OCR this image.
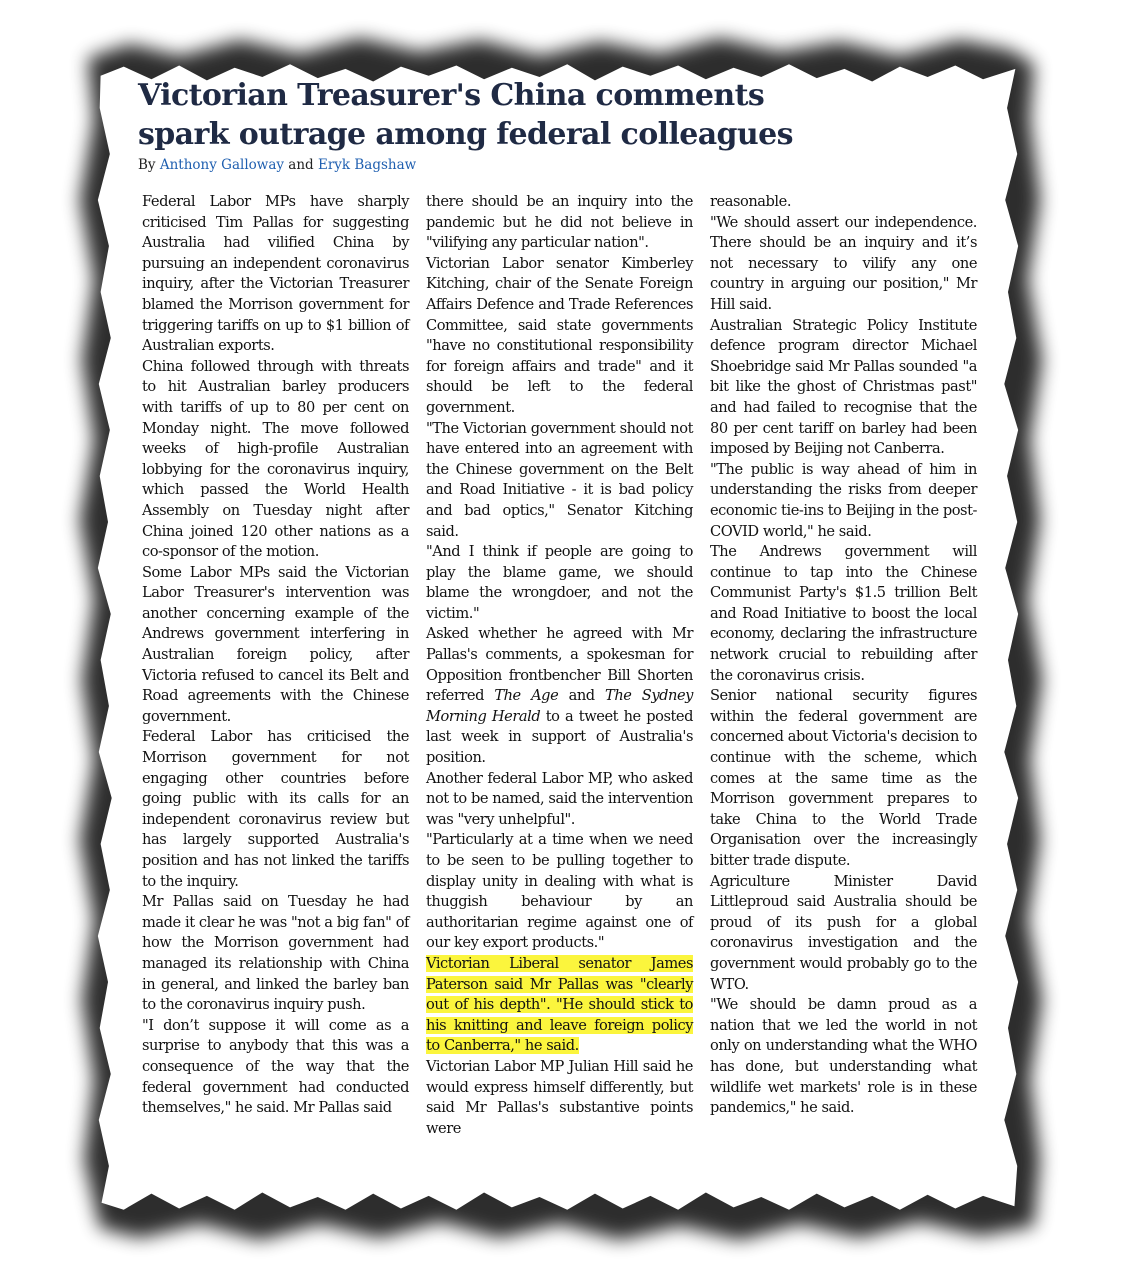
Victorian Treasurer's China comments
spark outrage among federal colleagues

By Anthony Galloway and Eryk Bagshaw

Federal Labor MPs have sharply criticised Tim Pallas for suggesting Australia had vilified China by pursuing an independent coronavirus inquiry, after the Victorian Treasurer blamed the Morrison government for triggering tariffs on up to $1 billion of Australian exports.

China followed through with threats to hit Australian barley producers with tariffs of up to 80 per cent on Monday night. The move followed weeks of high-profile Australian lobbying for the coronavirus inquiry, which passed the World Health Assembly on Tuesday night after China joined 120 other nations as a co-sponsor of the motion.

Some Labor MPs said the Victorian Labor Treasurer's intervention was another concerning example of the Andrews government interfering in Australian foreign policy, after Victoria refused to cancel its Belt and Road agreements with the Chinese government.

Federal Labor has criticised the Morrison government for not engaging other countries before going public with its calls for an independent coronavirus review but has largely supported Australia's position and has not linked the tariffs to the inquiry.

Mr Pallas said on Tuesday he had made it clear he was "not a big fan" of how the Morrison government had managed its relationship with China in general, and linked the barley ban to the coronavirus inquiry push.

"I don’t suppose it will come as a surprise to anybody that this was a consequence of the way that the federal government had conducted themselves," he said. Mr Pallas said

there should be an inquiry into the pandemic but he did not believe in "vilifying any particular nation".

Victorian Labor senator Kimberley Kitching, chair of the Senate Foreign Affairs Defence and Trade References Committee, said state governments "have no constitutional responsibility for foreign affairs and trade" and it should be left to the federal government.

"The Victorian government should not have entered into an agreement with the Chinese government on the Belt and Road Initiative - it is bad policy and bad optics," Senator Kitching said.

"And I think if people are going to play the blame game, we should blame the wrongdoer, and not the victim."

Asked whether he agreed with Mr Pallas's comments, a spokesman for Opposition frontbencher Bill Shorten referred The Age and The Sydney Morning Herald to a tweet he posted last week in support of Australia's position.

Another federal Labor MP, who asked not to be named, said the intervention was "very unhelpful".

"Particularly at a time when we need to be seen to be pulling together to display unity in dealing with what is thuggish behaviour by an authoritarian regime against one of our key export products."

Victorian Liberal senator James Paterson said Mr Pallas was "clearly out of his depth". "He should stick to his knitting and leave foreign policy to Canberra," he said.

Victorian Labor MP Julian Hill said he would express himself differently, but said Mr Pallas's substantive points were

reasonable.

"We should assert our independence. There should be an inquiry and it’s not necessary to vilify any one country in arguing our position," Mr Hill said.

Australian Strategic Policy Institute defence program director Michael Shoebridge said Mr Pallas sounded "a bit like the ghost of Christmas past" and had failed to recognise that the 80 per cent tariff on barley had been imposed by Beijing not Canberra.

"The public is way ahead of him in understanding the risks from deeper economic tie-ins to Beijing in the post-COVID world," he said.

The Andrews government will continue to tap into the Chinese Communist Party's $1.5 trillion Belt and Road Initiative to boost the local economy, declaring the infrastructure network crucial to rebuilding after the coronavirus crisis.

Senior national security figures within the federal government are concerned about Victoria's decision to continue with the scheme, which comes at the same time as the Morrison government prepares to take China to the World Trade Organisation over the increasingly bitter trade dispute.

Agriculture Minister David Littleproud said Australia should be proud of its push for a global coronavirus investigation and the government would probably go to the WTO.

"We should be damn proud as a nation that we led the world in not only on understanding what the WHO has done, but understanding what wildlife wet markets' role is in these pandemics," he said.
